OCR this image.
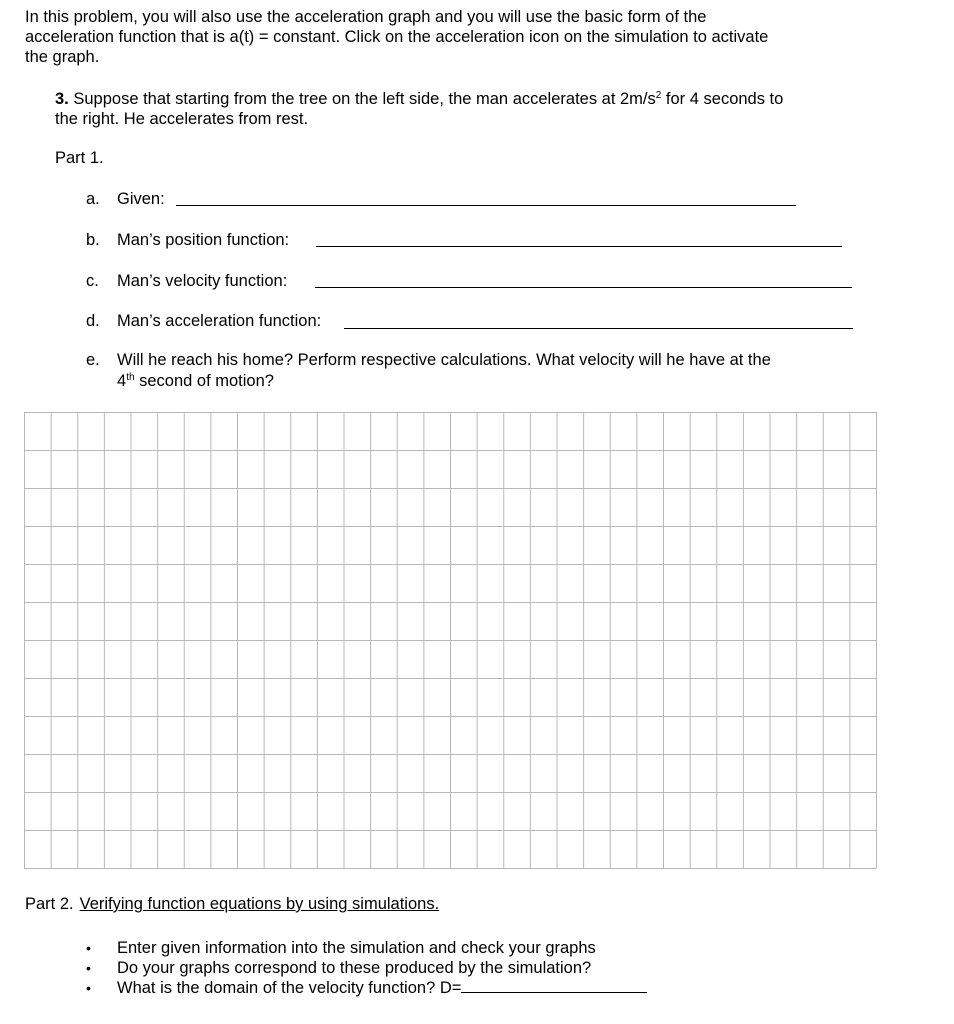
In this problem, you will also use the acceleration graph and you will use the basic form of the
acceleration function that is a(t) = constant. Click on the acceleration icon on the simulation to activate
the graph.
3. Suppose that starting from the tree on the left side, the man accelerates at $2m/s^2$ for 4 seconds to
the right. He accelerates from rest.
Part 1.
a. Given:
b. Man’s position function:
c. Man’s velocity function:
d. Man’s acceleration function:
e. Will he reach his home? Perform respective calculations. What velocity will he have at the
4th second of motion?
Part 2. Verifying function equations by using simulations.
• Enter given information into the simulation and check your graphs
• Do your graphs correspond to these produced by the simulation?
• What is the domain of the velocity function? D=
